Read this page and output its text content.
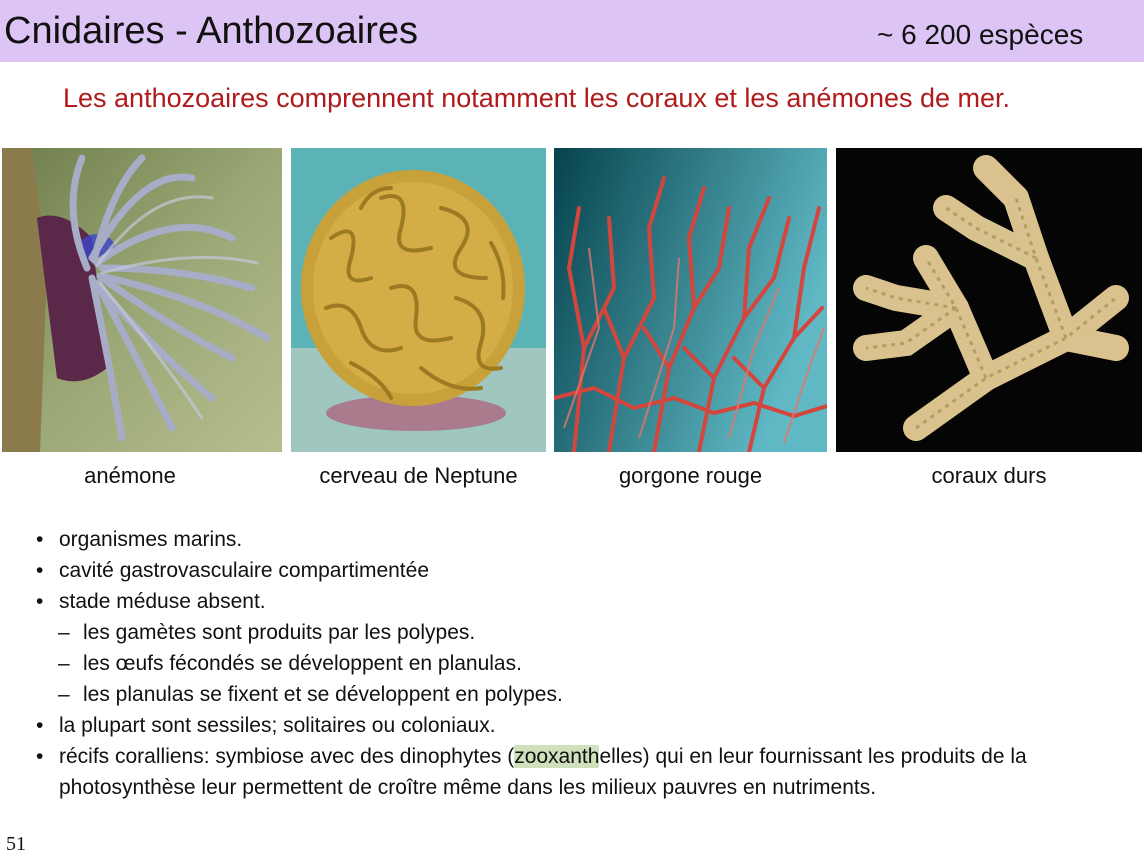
Cnidaires - Anthozoaires	~ 6 200 espèces
Les anthozoaires comprennent notamment les coraux et les anémones de mer.
anémone	cerveau de Neptune	gorgone rouge	coraux durs
• organismes marins.
• cavité gastrovasculaire compartimentée
• stade méduse absent.
– les gamètes sont produits par les polypes.
– les œufs fécondés se développent en planulas.
– les planulas se fixent et se développent en polypes.
• la plupart sont sessiles; solitaires ou coloniaux.
• récifs coralliens: symbiose avec des dinophytes (zooxanthelles) qui en leur fournissant les produits de la photosynthèse leur permettent de croître même dans les milieux pauvres en nutriments.
51
